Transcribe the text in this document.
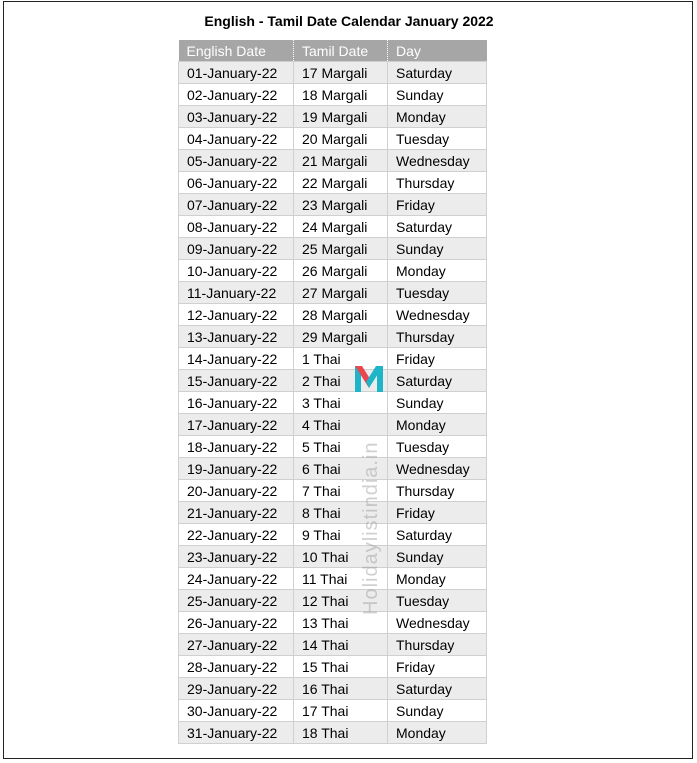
English - Tamil Date Calendar January 2022
English Date	Tamil Date	Day
01-January-22	17 Margali	Saturday
02-January-22	18 Margali	Sunday
03-January-22	19 Margali	Monday
04-January-22	20 Margali	Tuesday
05-January-22	21 Margali	Wednesday
06-January-22	22 Margali	Thursday
07-January-22	23 Margali	Friday
08-January-22	24 Margali	Saturday
09-January-22	25 Margali	Sunday
10-January-22	26 Margali	Monday
11-January-22	27 Margali	Tuesday
12-January-22	28 Margali	Wednesday
13-January-22	29 Margali	Thursday
14-January-22	1 Thai	Friday
15-January-22	2 Thai	Saturday
16-January-22	3 Thai	Sunday
17-January-22	4 Thai	Monday
18-January-22	5 Thai	Tuesday
19-January-22	6 Thai	Wednesday
20-January-22	7 Thai	Thursday
21-January-22	8 Thai	Friday
22-January-22	9 Thai	Saturday
23-January-22	10 Thai	Sunday
24-January-22	11 Thai	Monday
25-January-22	12 Thai	Tuesday
26-January-22	13 Thai	Wednesday
27-January-22	14 Thai	Thursday
28-January-22	15 Thai	Friday
29-January-22	16 Thai	Saturday
30-January-22	17 Thai	Sunday
31-January-22	18 Thai	Monday
Holidaylistindia.in
